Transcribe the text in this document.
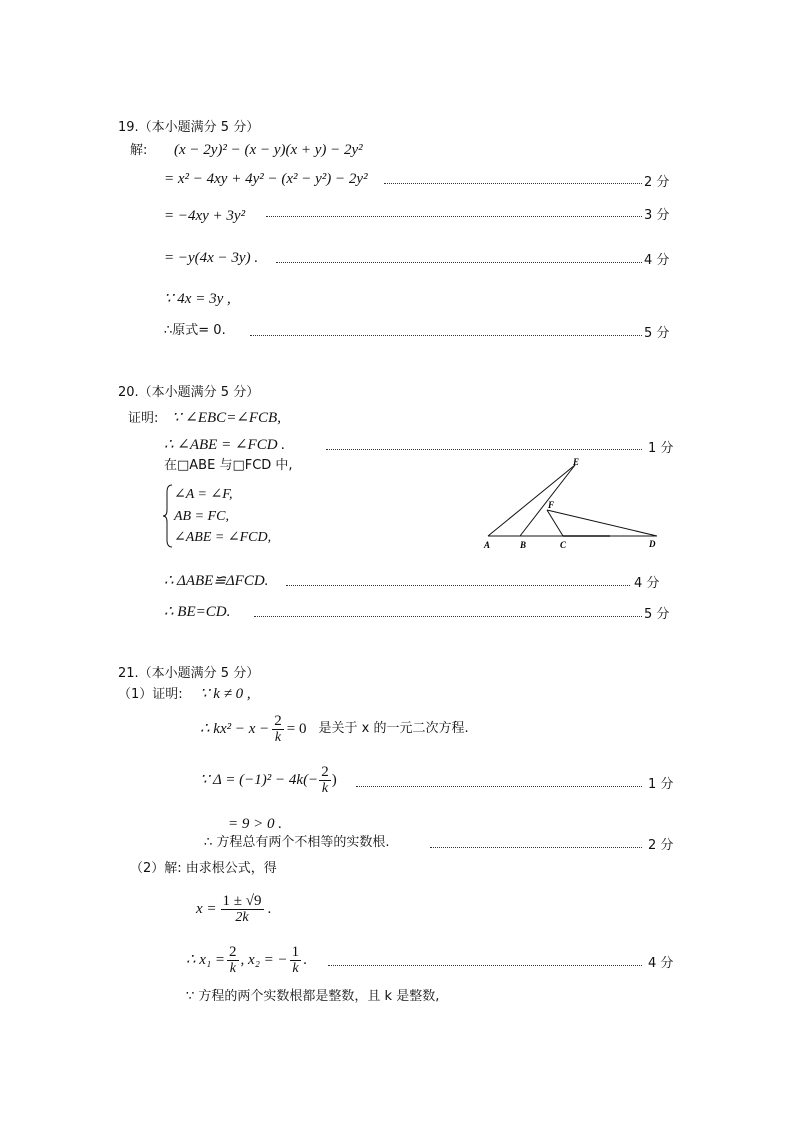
19.（本小题满分 5 分）
解: (x − 2y)² − (x − y)(x + y) − 2y²
= x² − 4xy + 4y² − (x² − y²) − 2y²	2 分
= −4xy + 3y²	3 分
= −y(4x − 3y) .	4 分
∵ 4x = 3y ,
∴原式= 0.	5 分
20.（本小题满分 5 分）
证明: ∵ ∠EBC=∠FCB,
∴ ∠ABE = ∠FCD .	1 分
在□ABE 与□FCD 中,
∠A = ∠F,
AB = FC,
∠ABE = ∠FCD,	A	B	C	D
E
F
∴ ΔABE≌ΔFCD.	4 分
∴ BE=CD.	5 分
21.（本小题满分 5 分）
（1）证明: ∵ k ≠ 0 ,
∴ $kx^2 - x - \frac{2}{k} = 0$ 是关于 x 的一元二次方程.
∵ $\Delta = (-1)^2 - 4k(- \frac{2}{k}$ )	1 分
= 9 > 0 .
∴ 方程总有两个不相等的实数根.	2 分
（2）解: 由求根公式，得
$x = \frac{1 \pm √9}{2k}$ .
∴ $x_1 = \frac{2}{k}$ , x₂ = − $\frac{1}{k}$ .	4 分
∵ 方程的两个实数根都是整数，且 k 是整数,
